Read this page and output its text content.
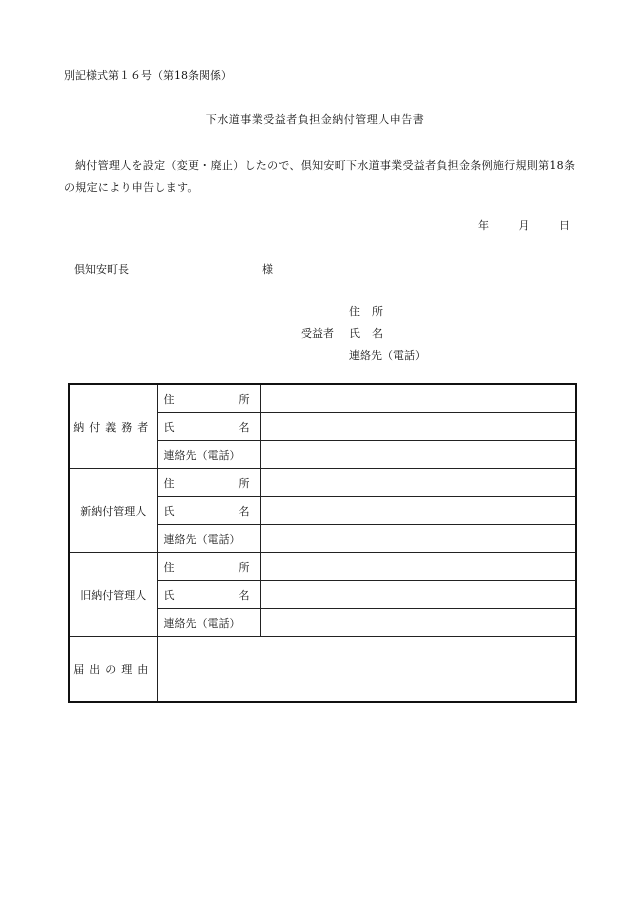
別記様式第１６号（第18条関係）
下水道事業受益者負担金納付管理人申告書
納付管理人を設定（変更・廃止）したので、倶知安町下水道事業受益者負担金条例施行規則第18条の規定により申告します。
年	月	日
倶知安町長	様
住所
受益者 氏名
連絡先（電話）
納付義務者	住 所	

	氏 名	

	連絡先（電話）	
新納付管理人	住 所	

	氏 名	

	連絡先（電話）	
旧納付管理人	住 所	

	氏 名	

	連絡先（電話）	
届出の理由		
